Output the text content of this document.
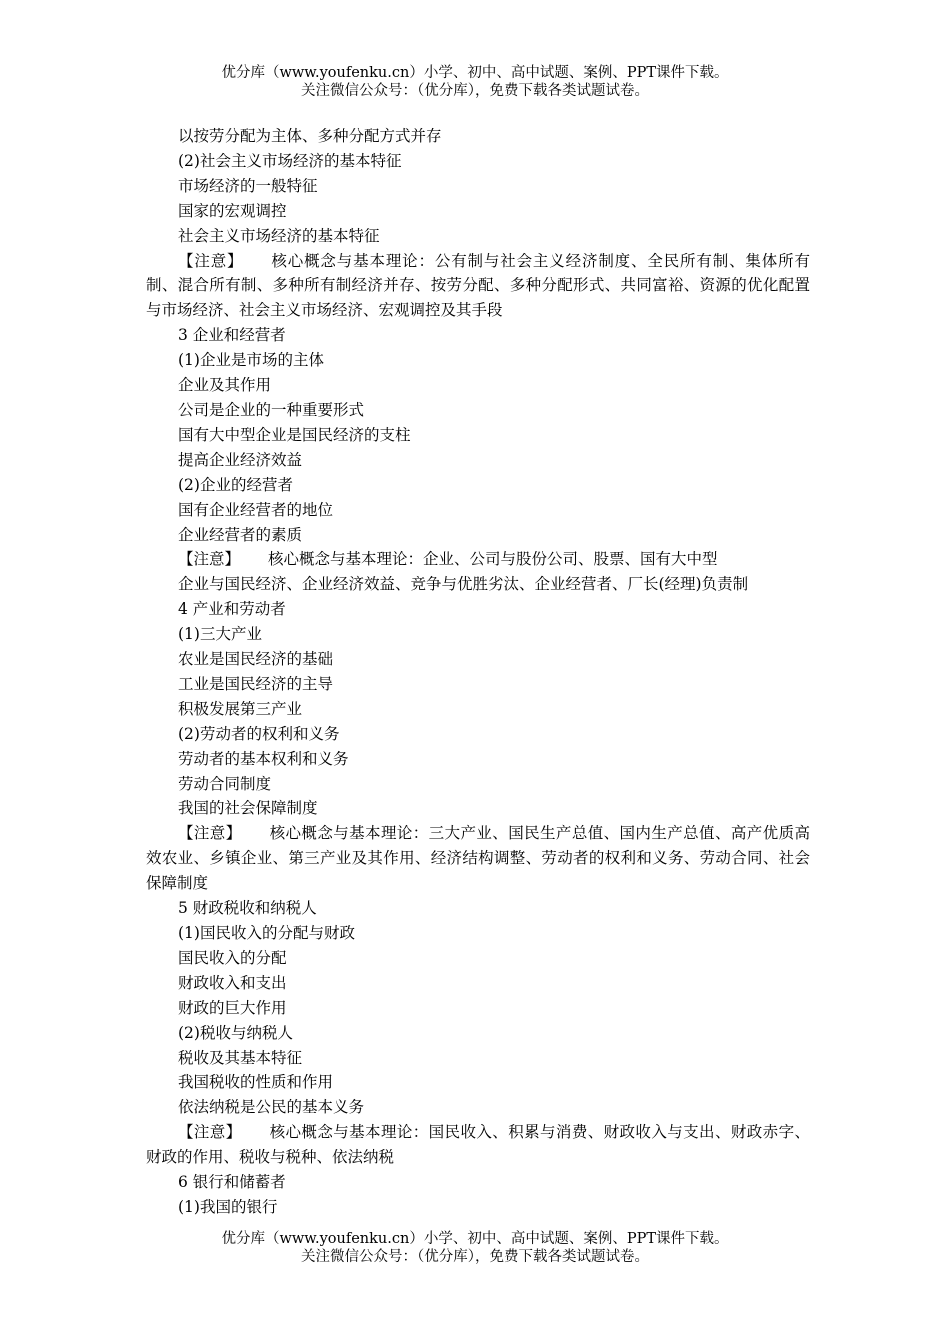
优分库（www.youfenku.cn）小学、初中、高中试题、案例、PPT课件下载。
关注微信公众号：（优分库），免费下载各类试题试卷。
以按劳分配为主体、多种分配方式并存
(2)社会主义市场经济的基本特征
市场经济的一般特征
国家的宏观调控
社会主义市场经济的基本特征
【注意】 核心概念与基本理论：公有制与社会主义经济制度、全民所有制、集体所有制、混合所有制、多种所有制经济并存、按劳分配、多种分配形式、共同富裕、资源的优化配置与市场经济、社会主义市场经济、宏观调控及其手段
3 企业和经营者
(1)企业是市场的主体
企业及其作用
公司是企业的一种重要形式
国有大中型企业是国民经济的支柱
提高企业经济效益
(2)企业的经营者
国有企业经营者的地位
企业经营者的素质
【注意】 核心概念与基本理论：企业、公司与股份公司、股票、国有大中型
企业与国民经济、企业经济效益、竞争与优胜劣汰、企业经营者、厂长(经理)负责制
4 产业和劳动者
(1)三大产业
农业是国民经济的基础
工业是国民经济的主导
积极发展第三产业
(2)劳动者的权利和义务
劳动者的基本权利和义务
劳动合同制度
我国的社会保障制度
【注意】 核心概念与基本理论：三大产业、国民生产总值、国内生产总值、高产优质高效农业、乡镇企业、第三产业及其作用、经济结构调整、劳动者的权利和义务、劳动合同、社会保障制度
5 财政税收和纳税人
(1)国民收入的分配与财政
国民收入的分配
财政收入和支出
财政的巨大作用
(2)税收与纳税人
税收及其基本特征
我国税收的性质和作用
依法纳税是公民的基本义务
【注意】 核心概念与基本理论：国民收入、积累与消费、财政收入与支出、财政赤字、财政的作用、税收与税种、依法纳税
6 银行和储蓄者
(1)我国的银行
优分库（www.youfenku.cn）小学、初中、高中试题、案例、PPT课件下载。
关注微信公众号：（优分库），免费下载各类试题试卷。
